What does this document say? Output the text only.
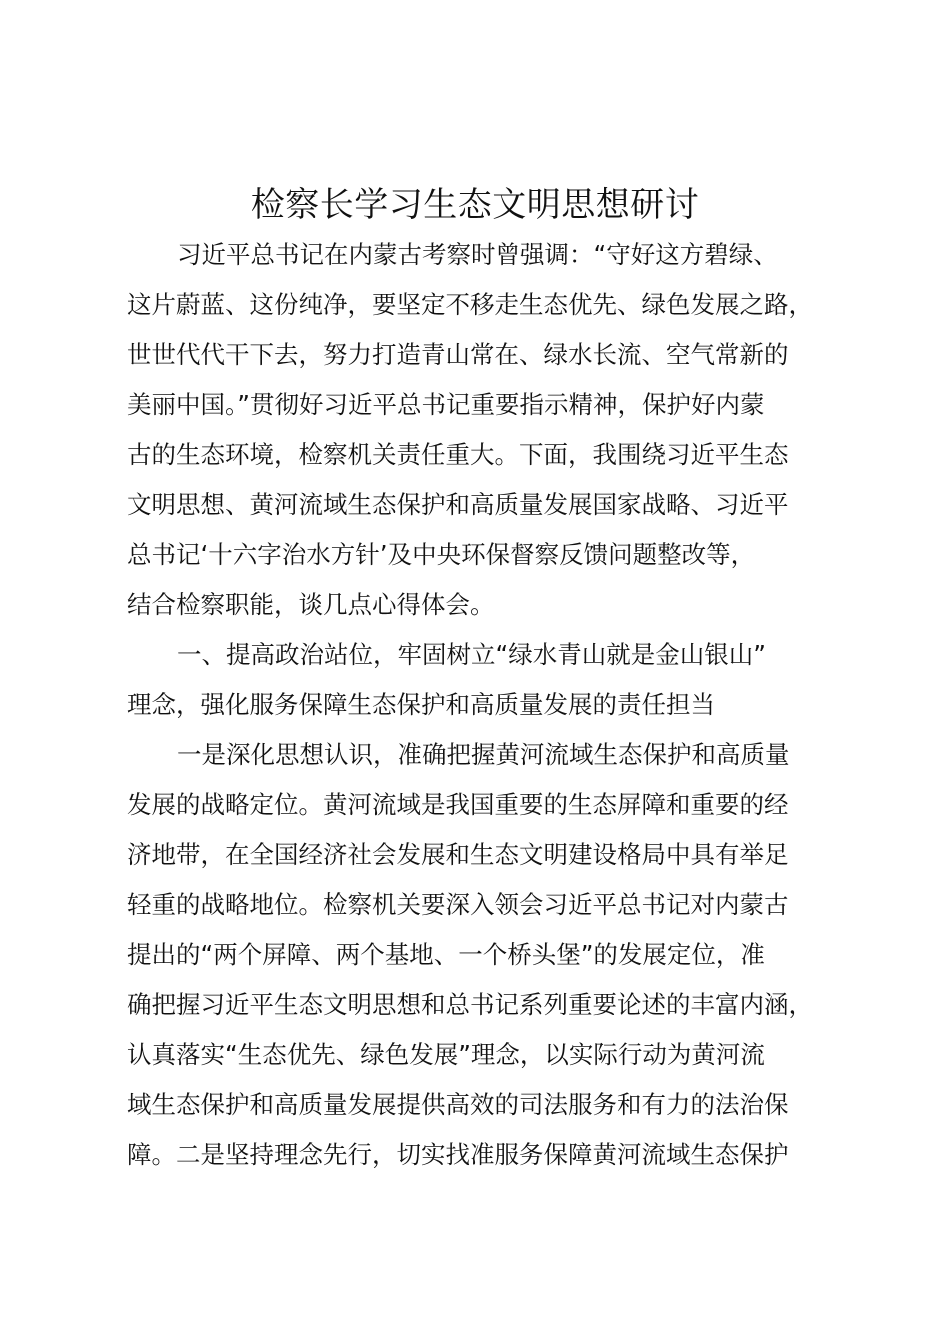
检察长学习生态文明思想研讨
习近平总书记在内蒙古考察时曾强调：“守好这方碧绿、
这片蔚蓝、这份纯净，要坚定不移走生态优先、绿色发展之路，
世世代代干下去，努力打造青山常在、绿水长流、空气常新的
美丽中国。”贯彻好习近平总书记重要指示精神，保护好内蒙
古的生态环境，检察机关责任重大。下面，我围绕习近平生态
文明思想、黄河流域生态保护和高质量发展国家战略、习近平
总书记‘十六字治水方针’及中央环保督察反馈问题整改等，
结合检察职能，谈几点心得体会。
一、提高政治站位，牢固树立“绿水青山就是金山银山”
理念，强化服务保障生态保护和高质量发展的责任担当
一是深化思想认识，准确把握黄河流域生态保护和高质量
发展的战略定位。黄河流域是我国重要的生态屏障和重要的经
济地带，在全国经济社会发展和生态文明建设格局中具有举足
轻重的战略地位。检察机关要深入领会习近平总书记对内蒙古
提出的“两个屏障、两个基地、一个桥头堡”的发展定位，准
确把握习近平生态文明思想和总书记系列重要论述的丰富内涵，
认真落实“生态优先、绿色发展”理念，以实际行动为黄河流
域生态保护和高质量发展提供高效的司法服务和有力的法治保
障。二是坚持理念先行，切实找准服务保障黄河流域生态保护
